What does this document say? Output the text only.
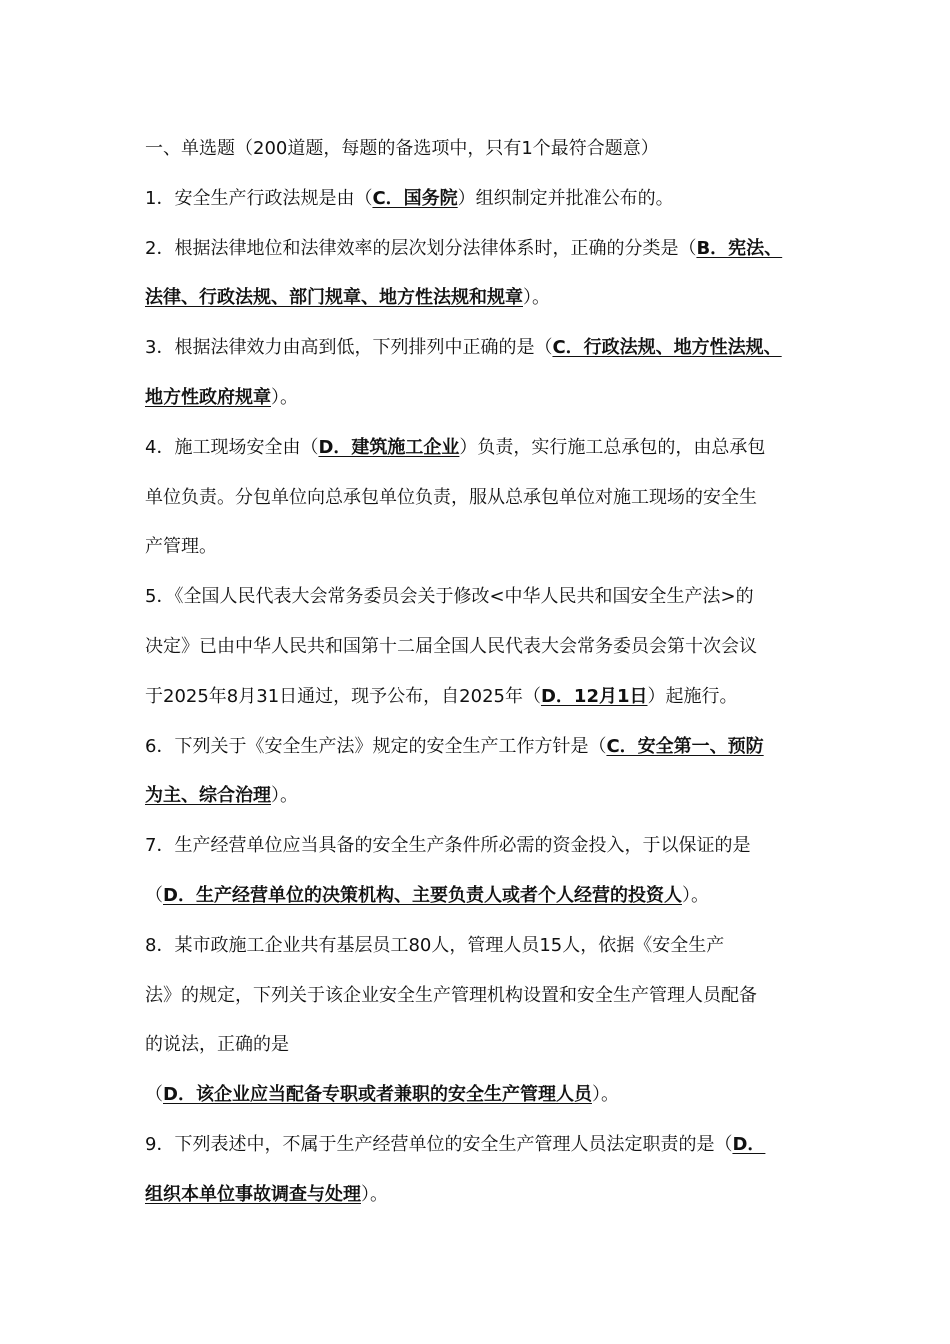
一、单选题（200道题，每题的备选项中，只有1个最符合题意）
1．安全生产行政法规是由（C．国务院）组织制定并批准公布的。
2．根据法律地位和法律效率的层次划分法律体系时，正确的分类是（B．宪法、
法律、行政法规、部门规章、地方性法规和规章）。
3．根据法律效力由高到低，下列排列中正确的是（C．行政法规、地方性法规、
地方性政府规章）。
4．施工现场安全由（D．建筑施工企业）负责，实行施工总承包的，由总承包
单位负责。分包单位向总承包单位负责，服从总承包单位对施工现场的安全生
产管理。
5．《全国人民代表大会常务委员会关于修改<中华人民共和国安全生产法>的
决定》已由中华人民共和国第十二届全国人民代表大会常务委员会第十次会议
于2025年8月31日通过，现予公布，自2025年（D．12月1日）起施行。
6．下列关于《安全生产法》规定的安全生产工作方针是（C．安全第一、预防
为主、综合治理）。
7．生产经营单位应当具备的安全生产条件所必需的资金投入，于以保证的是
（D．生产经营单位的决策机构、主要负责人或者个人经营的投资人）。
8．某市政施工企业共有基层员工80人，管理人员15人，依据《安全生产
法》的规定，下列关于该企业安全生产管理机构设置和安全生产管理人员配备
的说法，正确的是
（D．该企业应当配备专职或者兼职的安全生产管理人员）。
9．下列表述中，不属于生产经营单位的安全生产管理人员法定职责的是（D．
组织本单位事故调查与处理）。
